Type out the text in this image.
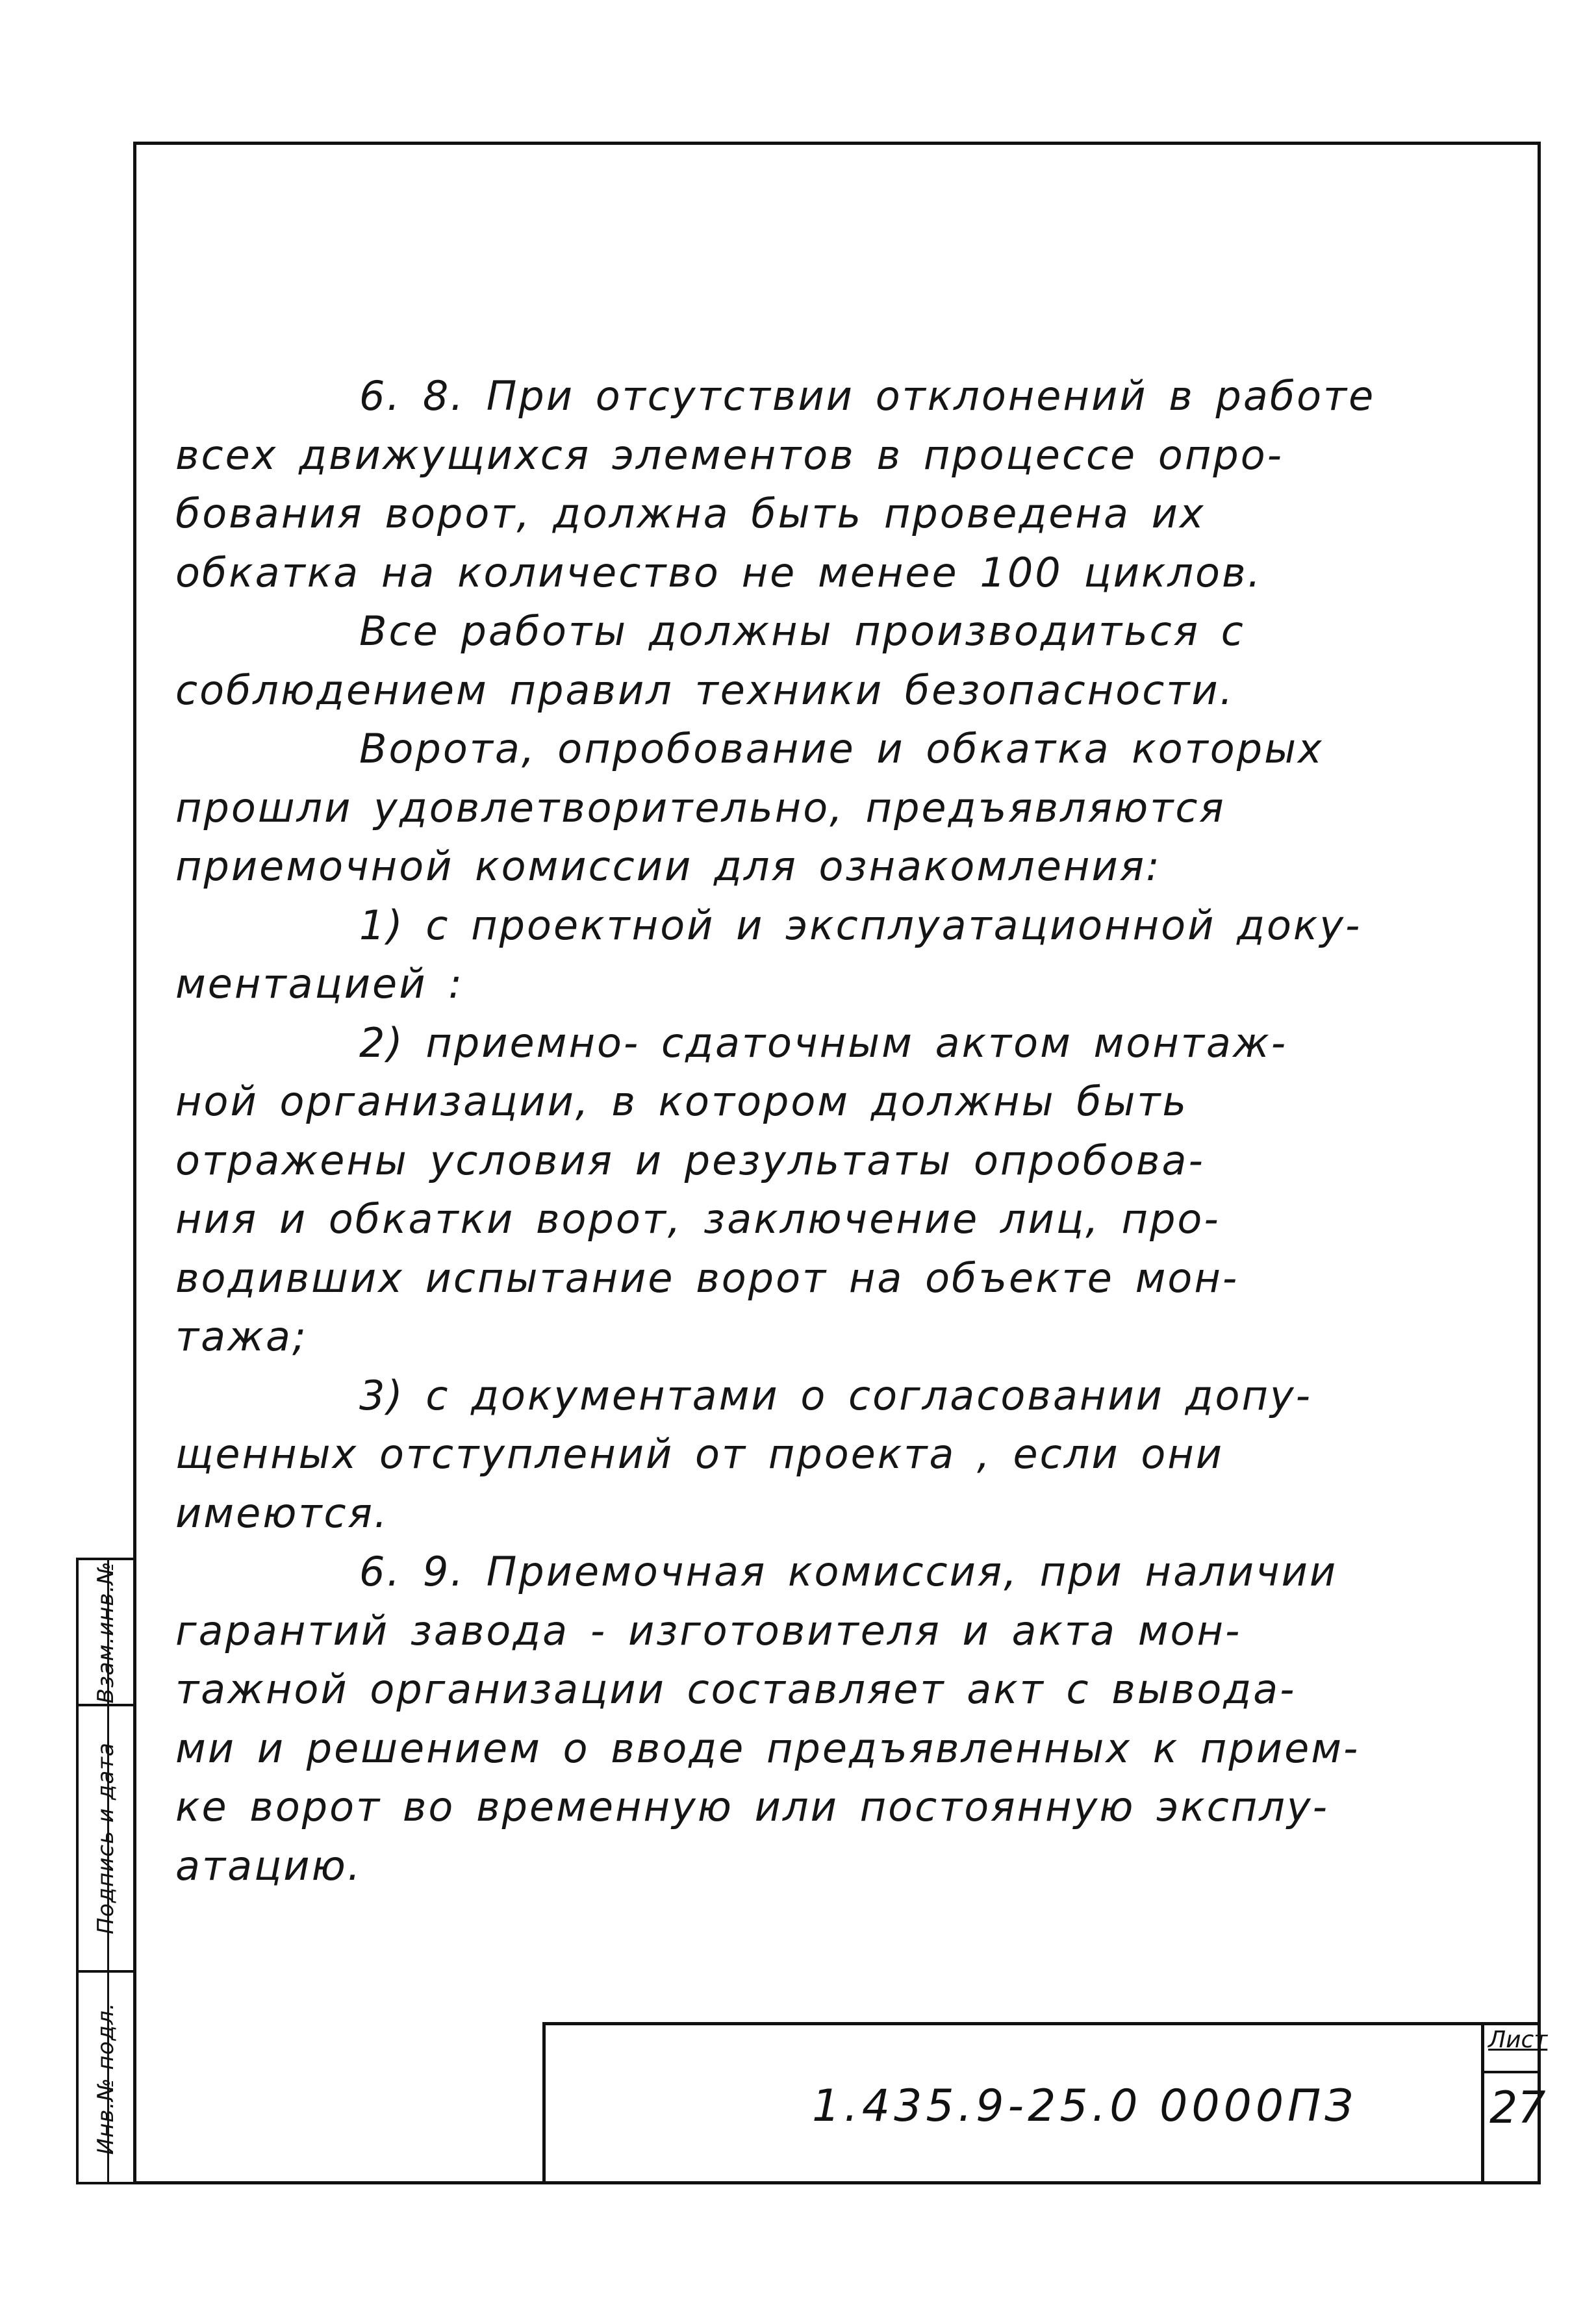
Взам.инв.№
Подпись и дата
Инв.№ подл.

6. 8. При отсутствии отклонений в работе

всех движущихся элементов в процессе опро-

бования ворот, должна быть проведена их

обкатка на количество не менее 100 циклов.

Все работы должны производиться с

соблюдением правил техники безопасности.

Ворота, опробование и обкатка которых

прошли удовлетворительно, предъявляются

приемочной комиссии для ознакомления:

1) с проектной и эксплуатационной доку-

ментацией :

2) приемно- сдаточным актом монтаж-

ной организации, в котором должны быть

отражены условия и результаты опробова-

ния и обкатки ворот, заключение лиц, про-

водивших испытание ворот на объекте мон-

тажа;

3) с документами о согласовании допу-

щенных отступлений от проекта , если они

имеются.

6. 9. Приемочная комиссия, при наличии

гарантий завода - изготовителя и акта мон-

тажной организации составляет акт с выводa-

ми и решением о вводе предъявленных к прием-

ке ворот во временную или постоянную эксплу-

атацию.

1.435.9-25.0 0000ПЗ
Лист
27
